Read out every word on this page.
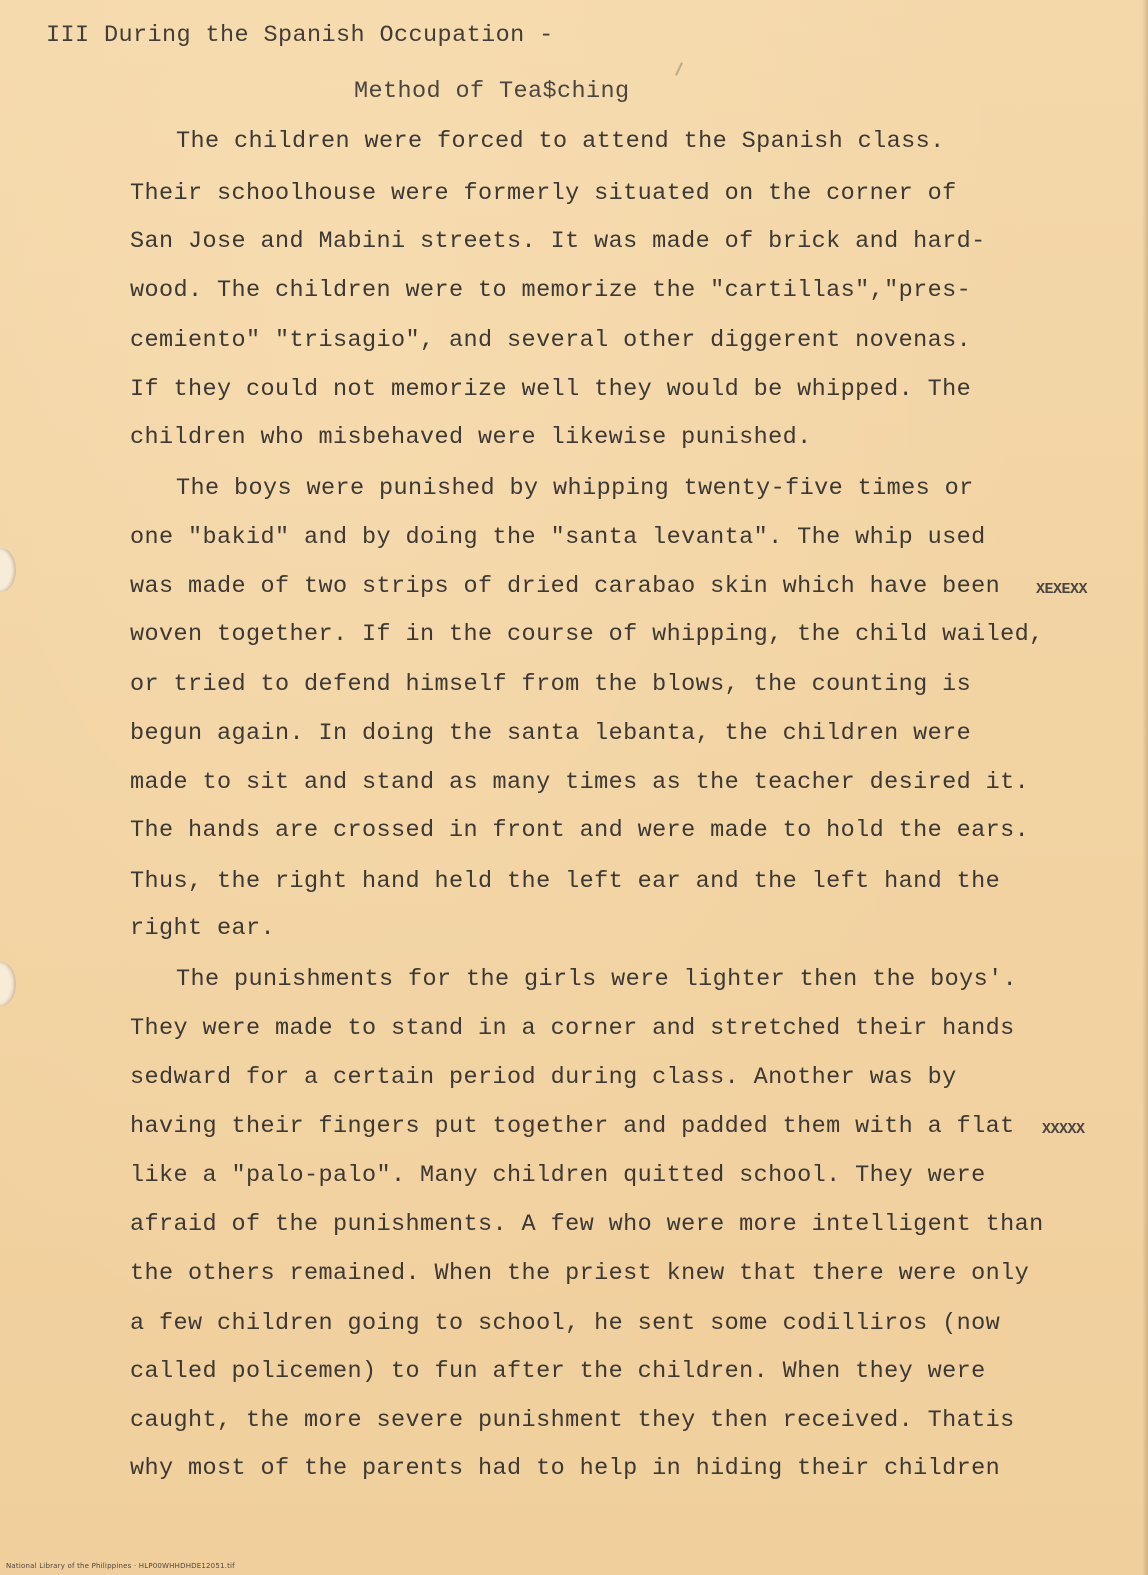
III During the Spanish Occupation -
Method of Tea$ching
The children were forced to attend the Spanish class.
Their schoolhouse were formerly situated on the corner of
San Jose and Mabini streets. It was made of brick and hard-
wood. The children were to memorize the "cartillas","pres-
cemiento" "trisagio", and several other diggerent novenas.
If they could not memorize well they would be whipped. The
children who misbehaved were likewise punished.
The boys were punished by whipping twenty-five times or
one "bakid" and by doing the "santa levanta". The whip used
was made of two strips of dried carabao skin which have been XEXEXX
woven together. If in the course of whipping, the child wailed,
or tried to defend himself from the blows, the counting is
begun again. In doing the santa lebanta, the children were
made to sit and stand as many times as the teacher desired it.
The hands are crossed in front and were made to hold the ears.
Thus, the right hand held the left ear and the left hand the
right ear.
The punishments for the girls were lighter then the boys'.
They were made to stand in a corner and stretched their hands
sedward for a certain period during class. Another was by
having their fingers put together and padded them with a flat XXXXX
like a "palo-palo". Many children quitted school. They were
afraid of the punishments. A few who were more intelligent than
the others remained. When the priest knew that there were only
a few children going to school, he sent some codilliros (now
called policemen) to fun after the children. When they were
caught, the more severe punishment they then received. Thatis
why most of the parents had to help in hiding their children
National Library of the Philippines · HLP00WHHDHDE12051.tif
